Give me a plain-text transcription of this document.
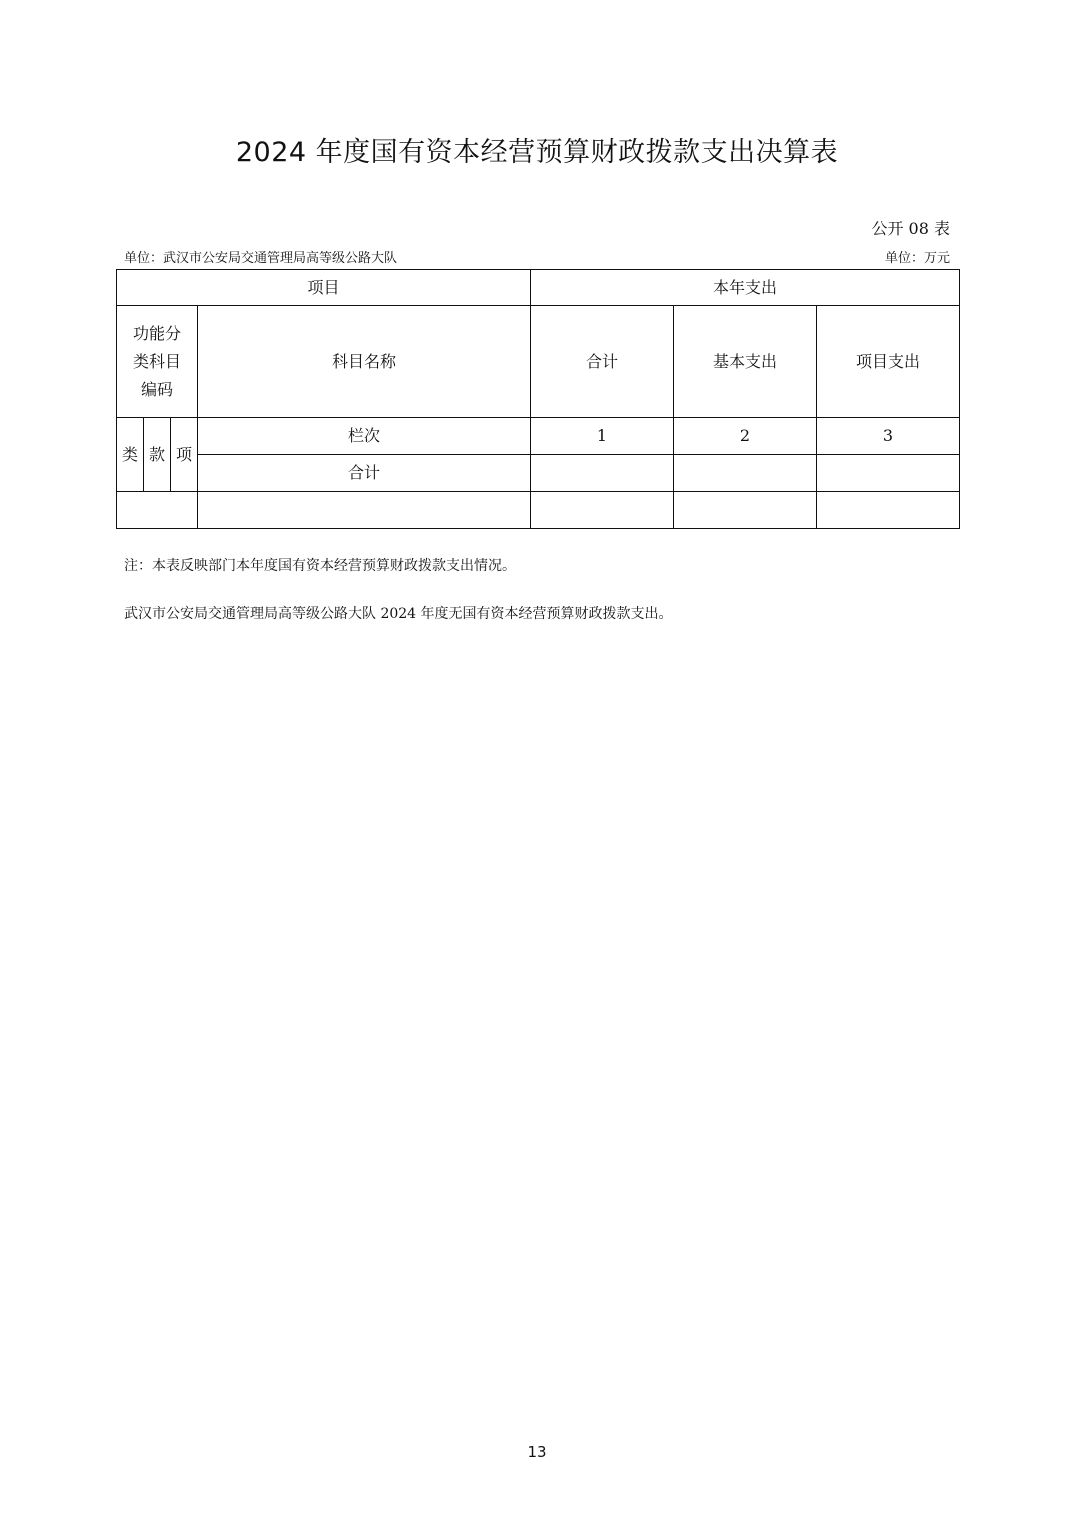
2024 年度国有资本经营预算财政拨款支出决算表
公开 08 表
单位：武汉市公安局交通管理局高等级公路大队	单位：万元
项目				本年支出		

功能分
类科目
编码			科目名称	合计	基本支出	项目支出
类	款	项	栏次	1	2	3
			合计			

注：本表反映部门本年度国有资本经营预算财政拨款支出情况。
武汉市公安局交通管理局高等级公路大队 2024 年度无国有资本经营预算财政拨款支出。
13
